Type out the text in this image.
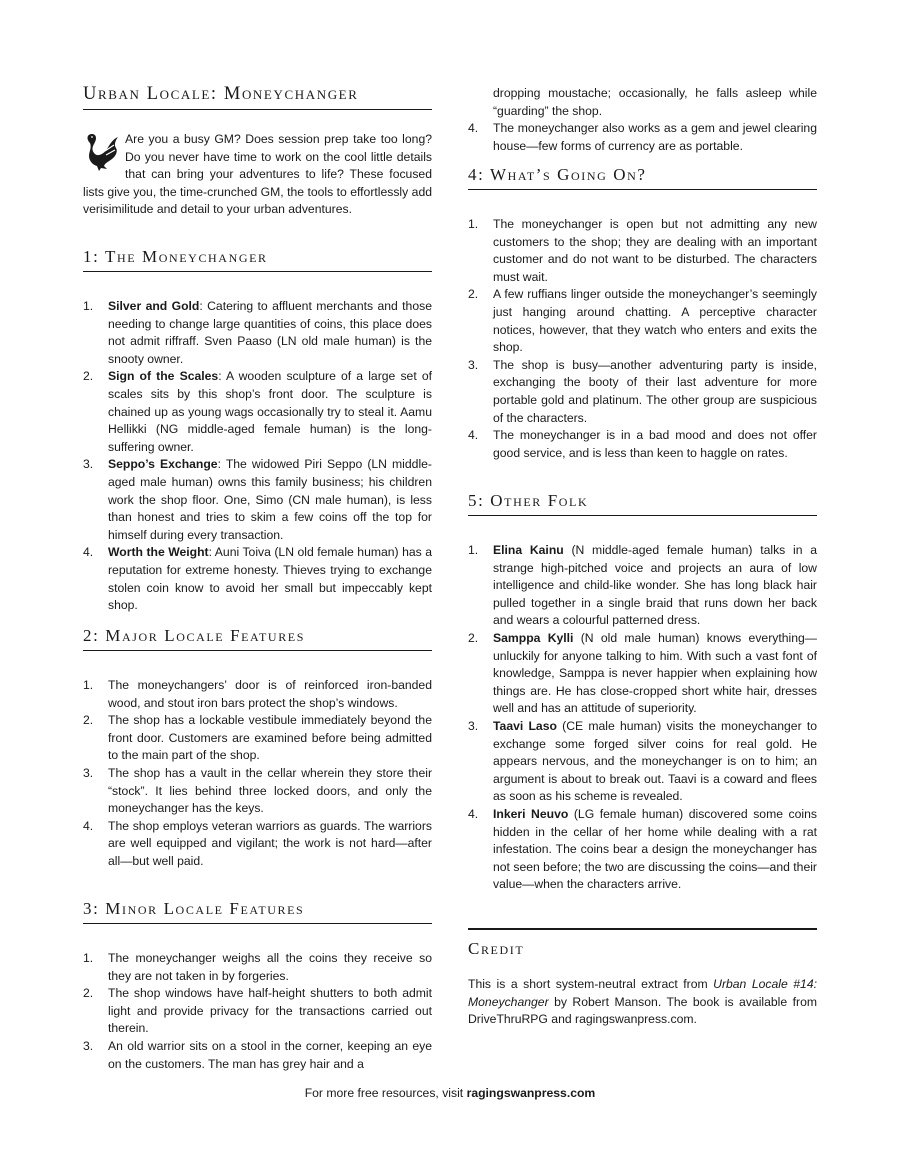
Urban Locale: Moneychanger
Are you a busy GM? Does session prep take too long? Do you never have time to work on the cool little details that can bring your adventures to life? These focused lists give you, the time-crunched GM, the tools to effortlessly add verisimilitude and detail to your urban adventures.
1: The Moneychanger
1. Silver and Gold: Catering to affluent merchants and those needing to change large quantities of coins, this place does not admit riffraff. Sven Paaso (LN old male human) is the snooty owner.
2. Sign of the Scales: A wooden sculpture of a large set of scales sits by this shop’s front door. The sculpture is chained up as young wags occasionally try to steal it. Aamu Hellikki (NG middle-aged female human) is the long-suffering owner.
3. Seppo’s Exchange: The widowed Piri Seppo (LN middle-aged male human) owns this family business; his children work the shop floor. One, Simo (CN male human), is less than honest and tries to skim a few coins off the top for himself during every transaction.
4. Worth the Weight: Auni Toiva (LN old female human) has a reputation for extreme honesty. Thieves trying to exchange stolen coin know to avoid her small but impeccably kept shop.
2: Major Locale Features
1. The moneychangers’ door is of reinforced iron-banded wood, and stout iron bars protect the shop’s windows.
2. The shop has a lockable vestibule immediately beyond the front door. Customers are examined before being admitted to the main part of the shop.
3. The shop has a vault in the cellar wherein they store their “stock”. It lies behind three locked doors, and only the moneychanger has the keys.
4. The shop employs veteran warriors as guards. The warriors are well equipped and vigilant; the work is not hard—after all—but well paid.
3: Minor Locale Features
1. The moneychanger weighs all the coins they receive so they are not taken in by forgeries.
2. The shop windows have half-height shutters to both admit light and provide privacy for the transactions carried out therein.
3. An old warrior sits on a stool in the corner, keeping an eye on the customers. The man has grey hair and a
dropping moustache; occasionally, he falls asleep while “guarding” the shop.
4. The moneychanger also works as a gem and jewel clearing house—few forms of currency are as portable.
4: What’s Going On?
1. The moneychanger is open but not admitting any new customers to the shop; they are dealing with an important customer and do not want to be disturbed. The characters must wait.
2. A few ruffians linger outside the moneychanger’s seemingly just hanging around chatting. A perceptive character notices, however, that they watch who enters and exits the shop.
3. The shop is busy—another adventuring party is inside, exchanging the booty of their last adventure for more portable gold and platinum. The other group are suspicious of the characters.
4. The moneychanger is in a bad mood and does not offer good service, and is less than keen to haggle on rates.
5: Other Folk
1. Elina Kainu (N middle-aged female human) talks in a strange high-pitched voice and projects an aura of low intelligence and child-like wonder. She has long black hair pulled together in a single braid that runs down her back and wears a colourful patterned dress.
2. Samppa Kylli (N old male human) knows everything—unluckily for anyone talking to him. With such a vast font of knowledge, Samppa is never happier when explaining how things are. He has close-cropped short white hair, dresses well and has an attitude of superiority.
3. Taavi Laso (CE male human) visits the moneychanger to exchange some forged silver coins for real gold. He appears nervous, and the moneychanger is on to him; an argument is about to break out. Taavi is a coward and flees as soon as his scheme is revealed.
4. Inkeri Neuvo (LG female human) discovered some coins hidden in the cellar of her home while dealing with a rat infestation. The coins bear a design the moneychanger has not seen before; the two are discussing the coins—and their value—when the characters arrive.
Credit
This is a short system-neutral extract from Urban Locale #14: Moneychanger by Robert Manson. The book is available from DriveThruRPG and ragingswanpress.com.
For more free resources, visit ragingswanpress.com
